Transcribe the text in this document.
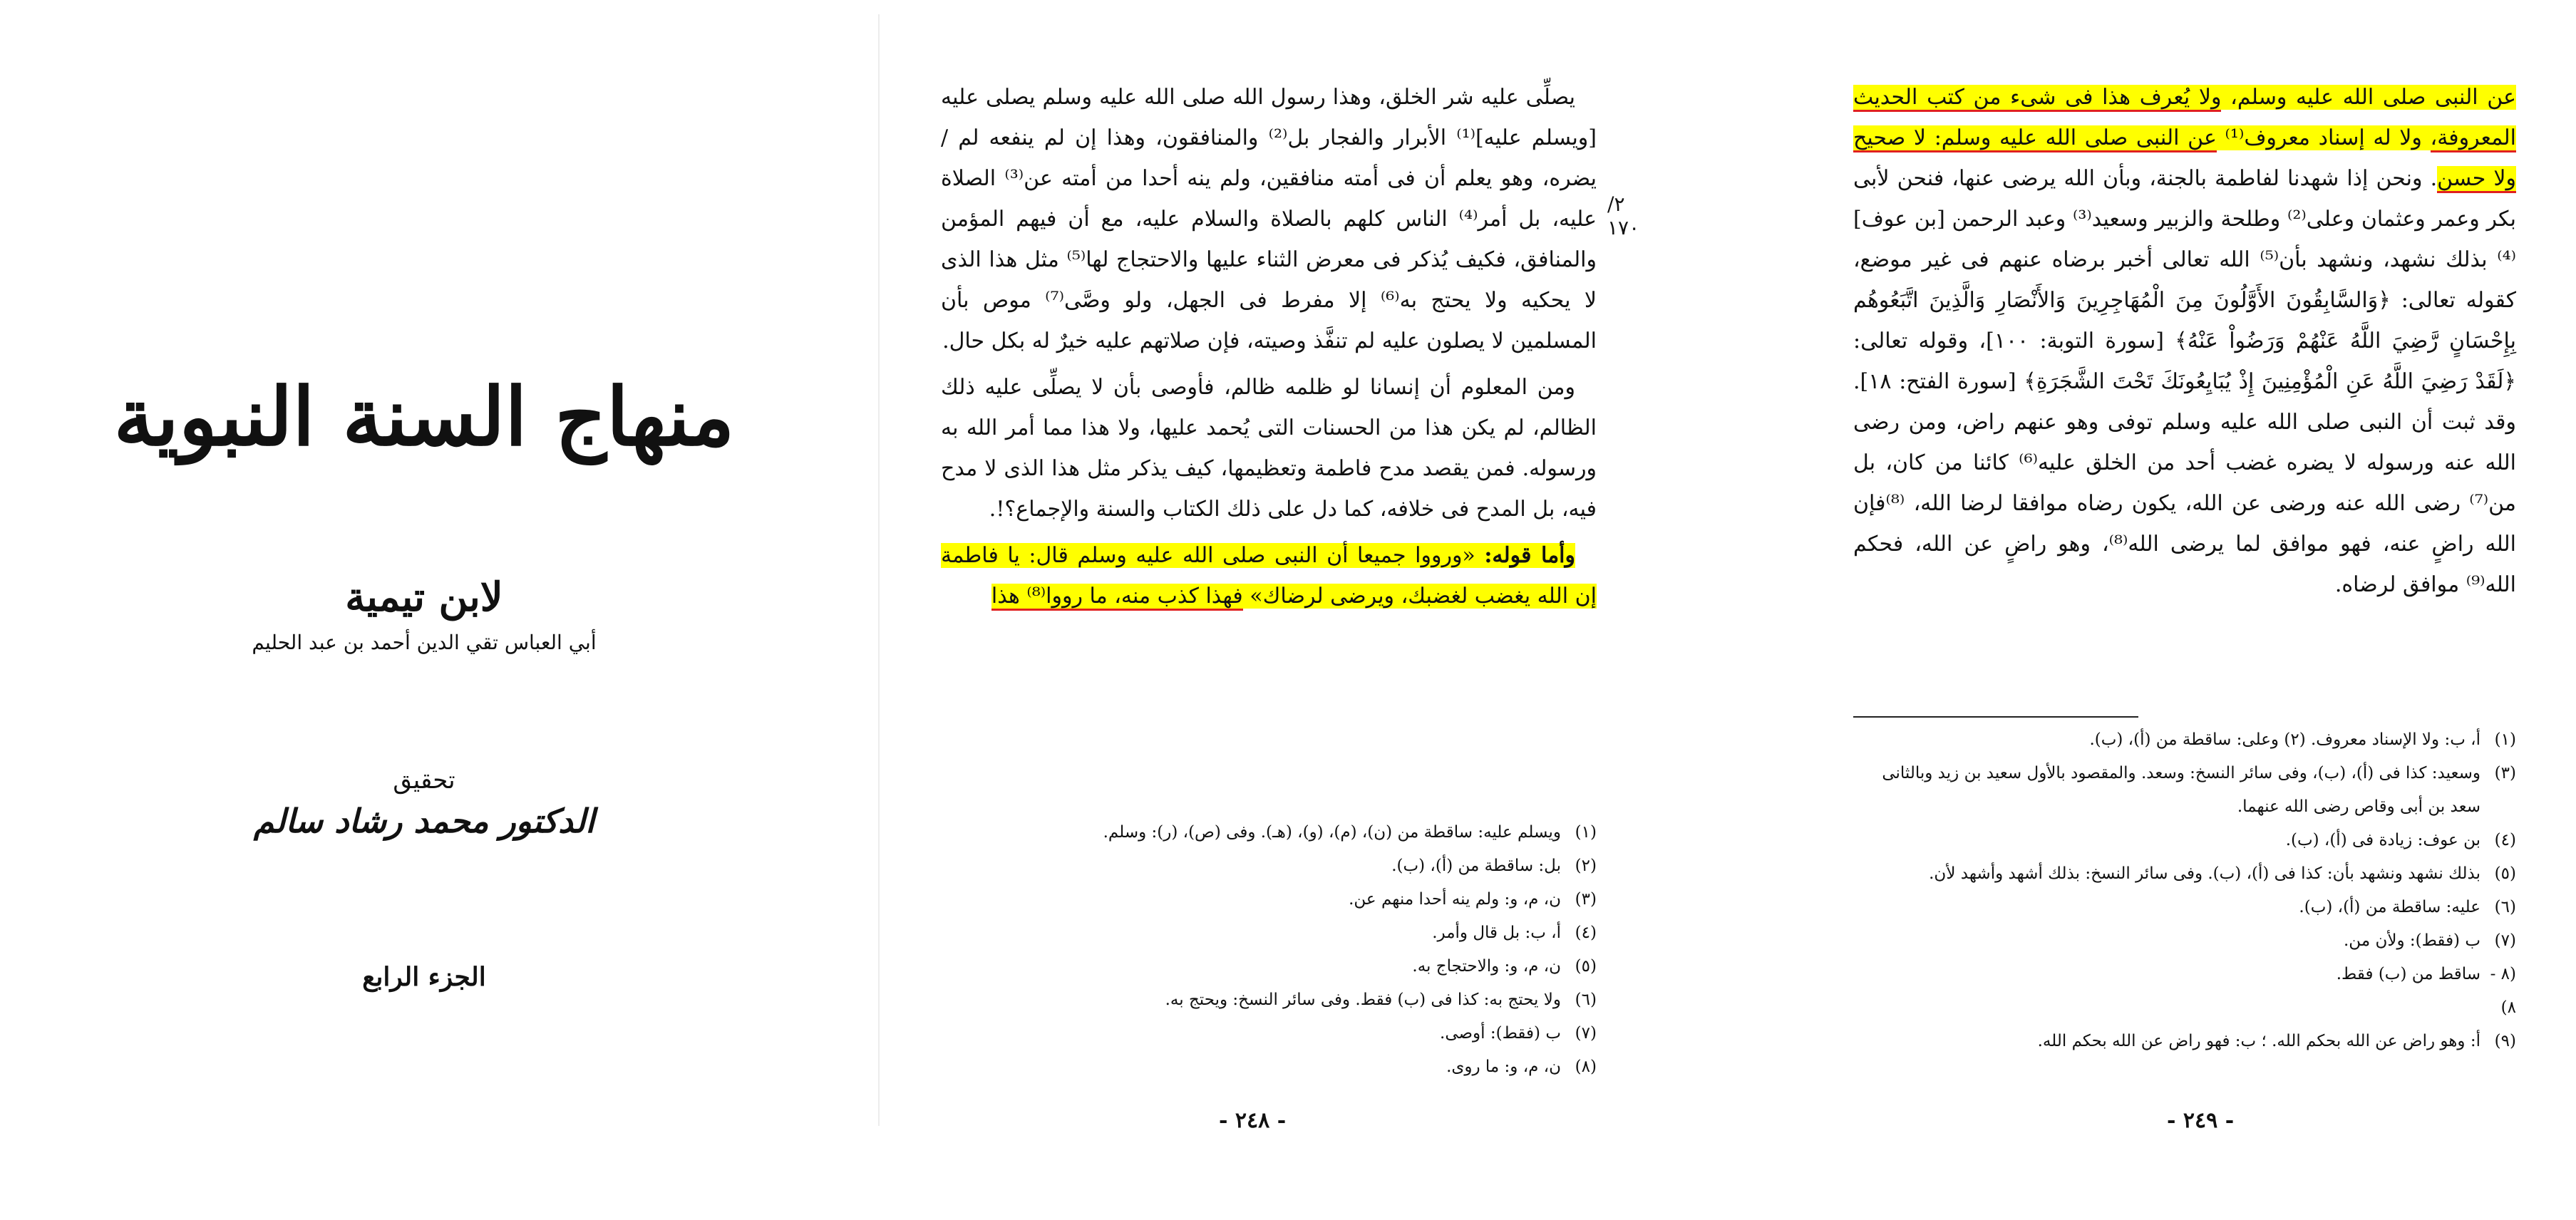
منهاج السنة النبوية
لابن تيمية
أبي العباس تقي الدين أحمد بن عبد الحليم
تحقيق
الدكتور محمد رشاد سالم
الجزء الرابع
٢/ ١٧٠

يصلِّى عليه شر الخلق، وهذا رسول الله صلى الله عليه وسلم يصلى عليه [ويسلم عليه]⁽¹⁾ الأبرار والفجار بل⁽²⁾ والمنافقون، وهذا إن لم ينفعه لم / يضره، وهو يعلم أن فى أمته منافقين، ولم ينه أحدا من أمته عن⁽³⁾ الصلاة عليه، بل أمر⁽⁴⁾ الناس كلهم بالصلاة والسلام عليه، مع أن فيهم المؤمن والمنافق، فكيف يُذكر فى معرض الثناء عليها والاحتجاج لها⁽⁵⁾ مثل هذا الذى لا يحكيه ولا يحتج به⁽⁶⁾ إلا مفرط فى الجهل، ولو وصَّى⁽⁷⁾ موص بأن المسلمين لا يصلون عليه لم تنفَّذ وصيته، فإن صلاتهم عليه خيرٌ له بكل حال.

ومن المعلوم أن إنسانا لو ظلمه ظالم، فأوصى بأن لا يصلِّى عليه ذلك الظالم، لم يكن هذا من الحسنات التى يُحمد عليها، ولا هذا مما أمر الله به ورسوله. فمن يقصد مدح فاطمة وتعظيمها، كيف يذكر مثل هذا الذى لا مدح فيه، بل المدح فى خلافه، كما دل على ذلك الكتاب والسنة والإجماع؟!.

وأما قوله: «ورووا جميعا أن النبى صلى الله عليه وسلم قال: يا فاطمة إن الله يغضب لغضبك، ويرضى لرضاك» فهذا كذب منه، ما رووا⁽⁸⁾ هذا

(١)
ويسلم عليه: ساقطة من (ن)، (م)، (و)، (هـ). وفى (ص)، (ر): وسلم.
(٢)
بل: ساقطة من (أ)، (ب).
(٣)
ن، م، و: ولم ينه أحدا منهم عن.
(٤)
أ، ب: بل قال وأمر.
(٥)
ن، م، و: والاحتجاج به.
(٦)
ولا يحتج به: كذا فى (ب) فقط. وفى سائر النسخ: ويحتج به.
(٧)
ب (فقط): أوصى.
(٨)
ن، م، و: ما روى.
- ٢٤٨ -

عن النبى صلى الله عليه وسلم، ولا يُعرف هذا فى شىء من كتب الحديث المعروفة، ولا له إسناد معروف⁽¹⁾ عن النبى صلى الله عليه وسلم: لا صحيح ولا حسن. ونحن إذا شهدنا لفاطمة بالجنة، وبأن الله يرضى عنها، فنحن لأبى بكر وعمر وعثمان وعلى⁽²⁾ وطلحة والزبير وسعيد⁽³⁾ وعبد الرحمن [بن عوف]⁽⁴⁾ بذلك نشهد، ونشهد بأن⁽⁵⁾ الله تعالى أخبر برضاه عنهم فى غير موضع، كقوله تعالى: ﴿وَالسَّابِقُونَ الأَوَّلُونَ مِنَ الْمُهَاجِرِينَ وَالأَنْصَارِ وَالَّذِينَ اتَّبَعُوهُم بِإِحْسَانٍ رَّضِيَ اللَّهُ عَنْهُمْ وَرَضُواْ عَنْهُ﴾ [سورة التوبة: ١٠٠]، وقوله تعالى: ﴿لَقَدْ رَضِيَ اللَّهُ عَنِ الْمُؤْمِنِينَ إِذْ يُبَايِعُونَكَ تَحْتَ الشَّجَرَةِ﴾ [سورة الفتح: ١٨]. وقد ثبت أن النبى صلى الله عليه وسلم توفى وهو عنهم راض، ومن رضى الله عنه ورسوله لا يضره غضب أحد من الخلق عليه⁽⁶⁾ كائنا من كان، بل من⁽⁷⁾ رضى الله عنه ورضى عن الله، يكون رضاه موافقا لرضا الله، ⁽⁸⁾فإن الله راضٍ عنه، فهو موافق لما يرضى الله⁽⁸⁾، وهو راضٍ عن الله، فحكم الله⁽⁹⁾ موافق لرضاه.

(١)
أ، ب: ولا الإسناد معروف. (٢) وعلى: ساقطة من (أ)، (ب).
(٣)
وسعيد: كذا فى (أ)، (ب)، وفى سائر النسخ: وسعد. والمقصود بالأول سعيد بن زيد وبالثانى سعد بن أبى وقاص رضى الله عنهما.
(٤)
بن عوف: زيادة فى (أ)، (ب).
(٥)
بذلك نشهد ونشهد بأن: كذا فى (أ)، (ب). وفى سائر النسخ: بذلك أشهد وأشهد لأن.
(٦)
عليه: ساقطة من (أ)، (ب).
(٧)
ب (فقط): ولأن من.
(٨ - ٨)
ساقط من (ب) فقط.
(٩)
أ: وهو راض عن الله بحكم الله. ؛ ب: فهو راض عن الله بحكم الله.
- ٢٤٩ -
